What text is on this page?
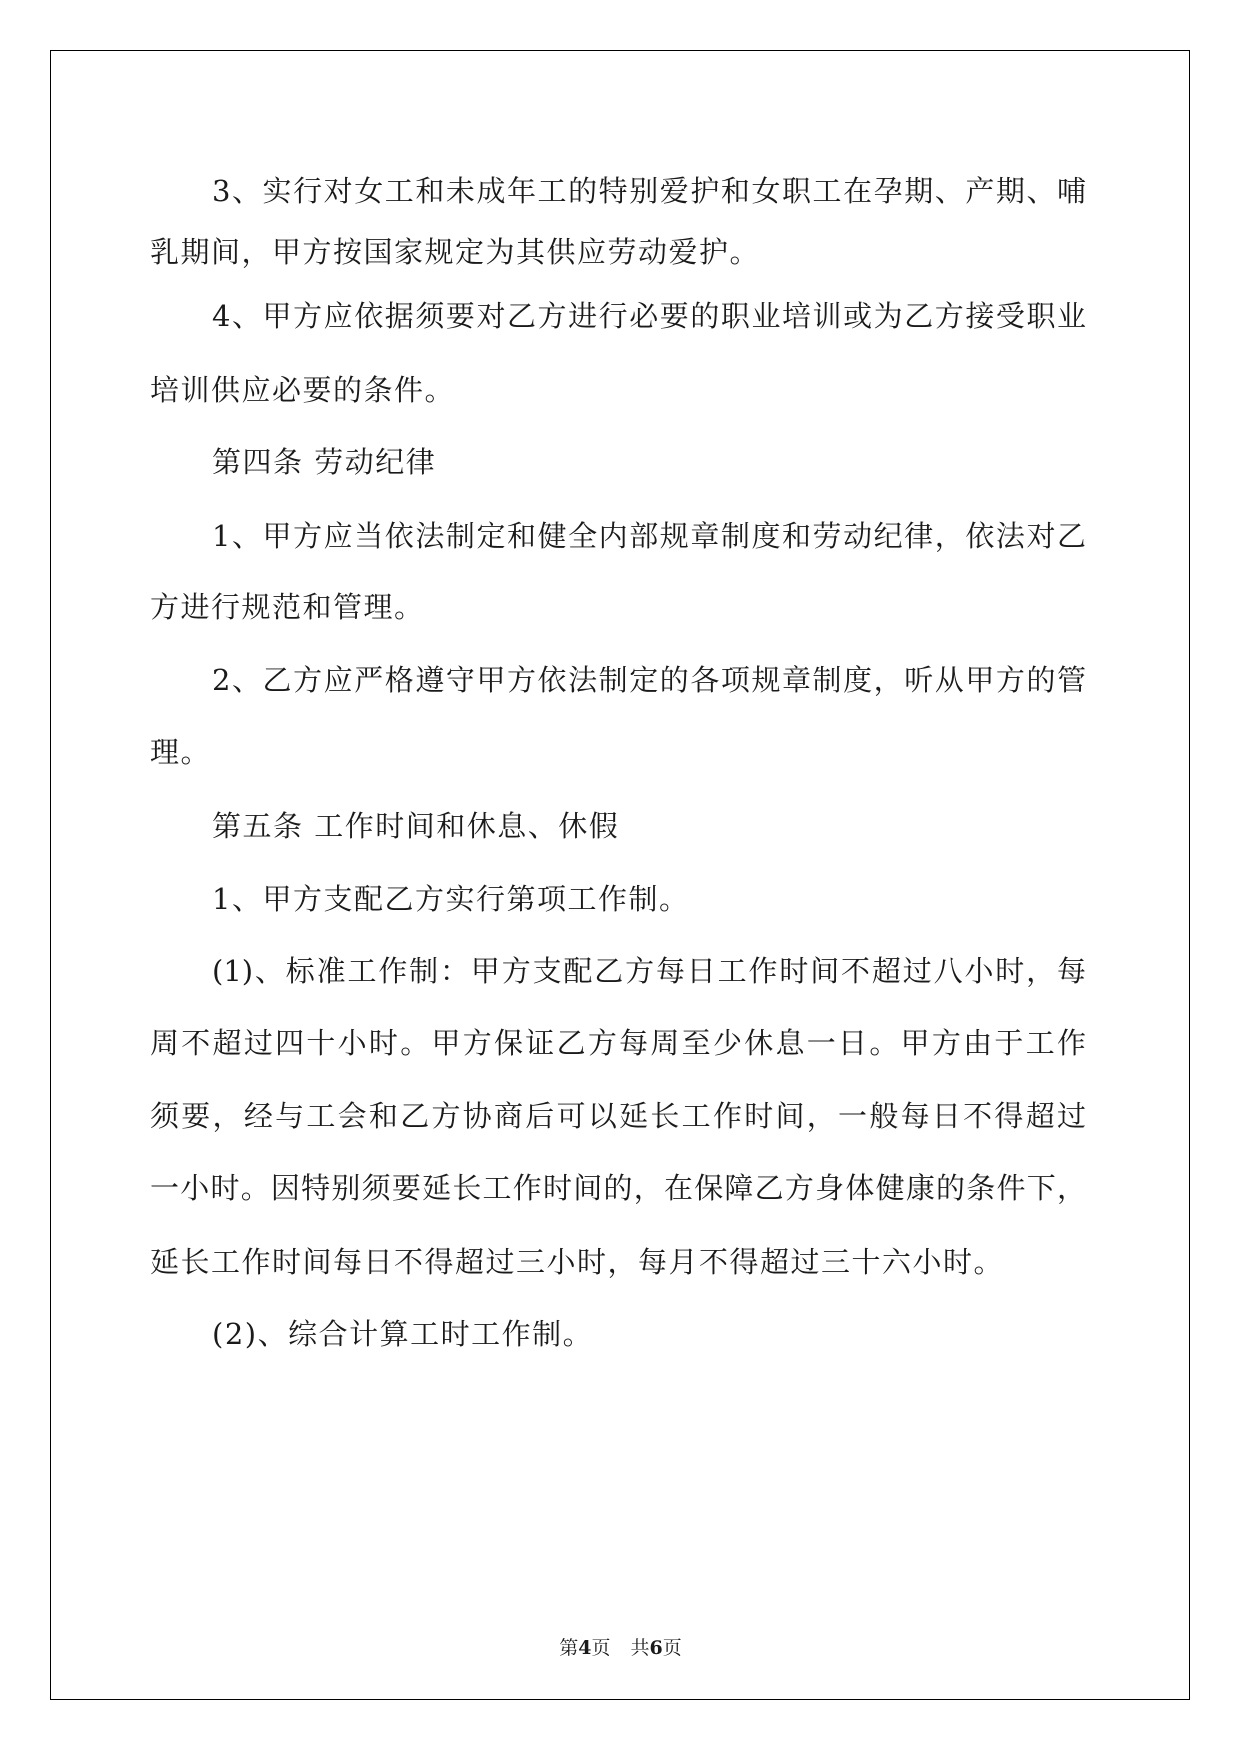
3、实行对女工和未成年工的特别爱护和女职工在孕期、产期、哺
乳期间，甲方按国家规定为其供应劳动爱护。
4、甲方应依据须要对乙方进行必要的职业培训或为乙方接受职业
培训供应必要的条件。
第四条 劳动纪律
1、甲方应当依法制定和健全内部规章制度和劳动纪律，依法对乙
方进行规范和管理。
2、乙方应严格遵守甲方依法制定的各项规章制度，听从甲方的管
理。
第五条 工作时间和休息、休假
1、甲方支配乙方实行第项工作制。
(1)、标准工作制：甲方支配乙方每日工作时间不超过八小时，每
周不超过四十小时。甲方保证乙方每周至少休息一日。甲方由于工作
须要，经与工会和乙方协商后可以延长工作时间，一般每日不得超过
一小时。因特别须要延长工作时间的，在保障乙方身体健康的条件下，
延长工作时间每日不得超过三小时，每月不得超过三十六小时。
(2)、综合计算工时工作制。
第4页 共6页
